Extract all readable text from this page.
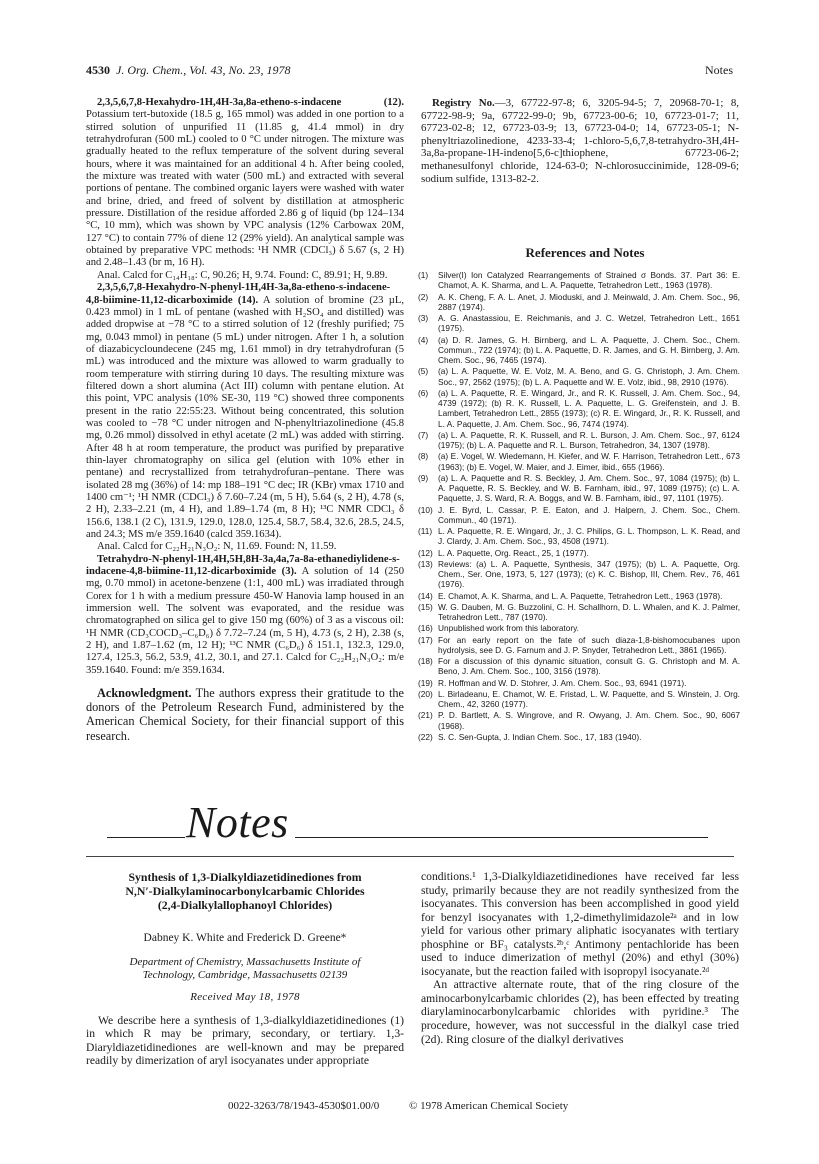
4530 J. Org. Chem., Vol. 43, No. 23, 1978	Notes

2,3,5,6,7,8-Hexahydro-1H,4H-3a,8a-etheno-s-indacene (12). Potassium tert-butoxide (18.5 g, 165 mmol) was added in one portion to a stirred solution of unpurified 11 (11.85 g, 41.4 mmol) in dry tetrahydrofuran (500 mL) cooled to 0 °C under nitrogen. The mixture was gradually heated to the reflux temperature of the solvent during several hours, where it was maintained for an additional 4 h. After being cooled, the mixture was treated with water (500 mL) and extracted with several portions of pentane. The combined organic layers were washed with water and brine, dried, and freed of solvent by distillation at atmospheric pressure. Distillation of the residue afforded 2.86 g of liquid (bp 124–134 °C, 10 mm), which was shown by VPC analysis (12% Carbowax 20M, 127 °C) to contain 77% of diene 12 (29% yield). An analytical sample was obtained by preparative VPC methods: ¹H NMR (CDCl₃) δ 5.67 (s, 2 H) and 2.48–1.43 (br m, 16 H).

Anal. Calcd for C₁₄H₁₈: C, 90.26; H, 9.74. Found: C, 89.91; H, 9.89.

2,3,5,6,7,8-Hexahydro-N-phenyl-1H,4H-3a,8a-etheno-s-indacene-4,8-biimine-11,12-dicarboximide (14). A solution of bromine (23 µL, 0.423 mmol) in 1 mL of pentane (washed with H₂SO₄ and distilled) was added dropwise at −78 °C to a stirred solution of 12 (freshly purified; 75 mg, 0.043 mmol) in pentane (5 mL) under nitrogen. After 1 h, a solution of diazabicycloundecene (245 mg, 1.61 mmol) in dry tetrahydrofuran (5 mL) was introduced and the mixture was allowed to warm gradually to room temperature with stirring during 10 days. The resulting mixture was filtered down a short alumina (Act III) column with pentane elution. At this point, VPC analysis (10% SE-30, 119 °C) showed three components present in the ratio 22:55:23. Without being concentrated, this solution was cooled to −78 °C under nitrogen and N-phenyltriazolinedione (45.8 mg, 0.26 mmol) dissolved in ethyl acetate (2 mL) was added with stirring. After 48 h at room temperature, the product was purified by preparative thin-layer chromatography on silica gel (elution with 10% ether in pentane) and recrystallized from tetrahydrofuran–pentane. There was isolated 28 mg (36%) of 14: mp 188–191 °C dec; IR (KBr) νmax 1710 and 1400 cm⁻¹; ¹H NMR (CDCl₃) δ 7.60–7.24 (m, 5 H), 5.64 (s, 2 H), 4.78 (s, 2 H), 2.33–2.21 (m, 4 H), and 1.89–1.74 (m, 8 H); ¹³C NMR CDCl₃ δ 156.6, 138.1 (2 C), 131.9, 129.0, 128.0, 125.4, 58.7, 58.4, 32.6, 28.5, 24.5, and 24.3; MS m/e 359.1640 (calcd 359.1634).

Anal. Calcd for C₂₂H₂₁N₃O₂: N, 11.69. Found: N, 11.59.

Tetrahydro-N-phenyl-1H,4H,5H,8H-3a,4a,7a-8a-ethanediylidene-s-indacene-4,8-biimine-11,12-dicarboximide (3). A solution of 14 (250 mg, 0.70 mmol) in acetone-benzene (1:1, 400 mL) was irradiated through Corex for 1 h with a medium pressure 450-W Hanovia lamp housed in an immersion well. The solvent was evaporated, and the residue was chromatographed on silica gel to give 150 mg (60%) of 3 as a viscous oil: ¹H NMR (CD₃COCD₃–C₆D₆) δ 7.72–7.24 (m, 5 H), 4.73 (s, 2 H), 2.38 (s, 2 H), and 1.87–1.62 (m, 12 H); ¹³C NMR (C₆D₆) δ 151.1, 132.3, 129.0, 127.4, 125.3, 56.2, 53.9, 41.2, 30.1, and 27.1. Calcd for C₂₂H₂₁N₃O₂: m/e 359.1640. Found: m/e 359.1634.

Acknowledgment. The authors express their gratitude to the donors of the Petroleum Research Fund, administered by the American Chemical Society, for their financial support of this research.

Registry No.—3, 67722-97-8; 6, 3205-94-5; 7, 20968-70-1; 8, 67722-98-9; 9a, 67722-99-0; 9b, 67723-00-6; 10, 67723-01-7; 11, 67723-02-8; 12, 67723-03-9; 13, 67723-04-0; 14, 67723-05-1; N-phenyltriazolinedione, 4233-33-4; 1-chloro-5,6,7,8-tetrahydro-3H,4H-3a,8a-propane-1H-indeno[5,6-c]thiophene, 67723-06-2; methanesulfonyl chloride, 124-63-0; N-chlorosuccinimide, 128-09-6; sodium sulfide, 1313-82-2.

References and Notes
(1) Silver(I) Ion Catalyzed Rearrangements of Strained σ Bonds. 37. Part 36: E. Chamot, A. K. Sharma, and L. A. Paquette, Tetrahedron Lett., 1963 (1978).
(2) A. K. Cheng, F. A. L. Anet, J. Mioduski, and J. Meinwald, J. Am. Chem. Soc., 96, 2887 (1974).
(3) A. G. Anastassiou, E. Reichmanis, and J. C. Wetzel, Tetrahedron Lett., 1651 (1975).
(4) (a) D. R. James, G. H. Birnberg, and L. A. Paquette, J. Chem. Soc., Chem. Commun., 722 (1974); (b) L. A. Paquette, D. R. James, and G. H. Birnberg, J. Am. Chem. Soc., 96, 7465 (1974).
(5) (a) L. A. Paquette, W. E. Volz, M. A. Beno, and G. G. Christoph, J. Am. Chem. Soc., 97, 2562 (1975); (b) L. A. Paquette and W. E. Volz, ibid., 98, 2910 (1976).
(6) (a) L. A. Paquette, R. E. Wingard, Jr., and R. K. Russell, J. Am. Chem. Soc., 94, 4739 (1972); (b) R. K. Russell, L. A. Paquette, L. G. Greifenstein, and J. B. Lambert, Tetrahedron Lett., 2855 (1973); (c) R. E. Wingard, Jr., R. K. Russell, and L. A. Paquette, J. Am. Chem. Soc., 96, 7474 (1974).
(7) (a) L. A. Paquette, R. K. Russell, and R. L. Burson, J. Am. Chem. Soc., 97, 6124 (1975); (b) L. A. Paquette and R. L. Burson, Tetrahedron, 34, 1307 (1978).
(8) (a) E. Vogel, W. Wiedemann, H. Kiefer, and W. F. Harrison, Tetrahedron Lett., 673 (1963); (b) E. Vogel, W. Maier, and J. Eimer, ibid., 655 (1966).
(9) (a) L. A. Paquette and R. S. Beckley, J. Am. Chem. Soc., 97, 1084 (1975); (b) L. A. Paquette, R. S. Beckley, and W. B. Farnham, ibid., 97, 1089 (1975); (c) L. A. Paquette, J. S. Ward, R. A. Boggs, and W. B. Farnham, ibid., 97, 1101 (1975).
(10) J. E. Byrd, L. Cassar, P. E. Eaton, and J. Halpern, J. Chem. Soc., Chem. Commun., 40 (1971).
(11) L. A. Paquette, R. E. Wingard, Jr., J. C. Philips, G. L. Thompson, L. K. Read, and J. Clardy, J. Am. Chem. Soc., 93, 4508 (1971).
(12) L. A. Paquette, Org. React., 25, 1 (1977).
(13) Reviews: (a) L. A. Paquette, Synthesis, 347 (1975); (b) L. A. Paquette, Org. Chem., Ser. One, 1973, 5, 127 (1973); (c) K. C. Bishop, III, Chem. Rev., 76, 461 (1976).
(14) E. Chamot, A. K. Sharma, and L. A. Paquette, Tetrahedron Lett., 1963 (1978).
(15) W. G. Dauben, M. G. Buzzolini, C. H. Schallhorn, D. L. Whalen, and K. J. Palmer, Tetrahedron Lett., 787 (1970).
(16) Unpublished work from this laboratory.
(17) For an early report on the fate of such diaza-1,8-bishomocubanes upon hydrolysis, see D. G. Farnum and J. P. Snyder, Tetrahedron Lett., 3861 (1965).
(18) For a discussion of this dynamic situation, consult G. G. Christoph and M. A. Beno, J. Am. Chem. Soc., 100, 3156 (1978).
(19) R. Hoffman and W. D. Stohrer, J. Am. Chem. Soc., 93, 6941 (1971).
(20) L. Birladeanu, E. Chamot, W. E. Fristad, L. W. Paquette, and S. Winstein, J. Org. Chem., 42, 3260 (1977).
(21) P. D. Bartlett, A. S. Wingrove, and R. Owyang, J. Am. Chem. Soc., 90, 6067 (1968).
(22) S. C. Sen-Gupta, J. Indian Chem. Soc., 17, 183 (1940).
Notes
Synthesis of 1,3-Dialkyldiazetidinediones from
N,N′-Dialkylaminocarbonylcarbamic Chlorides
(2,4-Dialkylallophanoyl Chlorides)
Dabney K. White and Frederick D. Greene*
Department of Chemistry, Massachusetts Institute of
Technology, Cambridge, Massachusetts 02139
Received May 18, 1978

We describe here a synthesis of 1,3-dialkyldiazetidinediones (1) in which R may be primary, secondary, or tertiary. 1,3-Diaryldiazetidinediones are well-known and may be prepared readily by dimerization of aryl isocyanates under appropriate

conditions.¹ 1,3-Dialkyldiazetidinediones have received far less study, primarily because they are not readily synthesized from the isocyanates. This conversion has been accomplished in good yield for benzyl isocyanates with 1,2-dimethylimidazole²ᵃ and in low yield for various other primary aliphatic isocyanates with tertiary phosphine or BF₃ catalysts.²ᵇ,ᶜ Antimony pentachloride has been used to induce dimerization of methyl (20%) and ethyl (30%) isocyanate, but the reaction failed with isopropyl isocyanate.²ᵈ

An attractive alternate route, that of the ring closure of the aminocarbonylcarbamic chlorides (2), has been effected by treating diarylaminocarbonylcarbamic chlorides with pyridine.³ The procedure, however, was not successful in the dialkyl case tried (2d). Ring closure of the dialkyl derivatives

0022-3263/78/1943-4530$01.00/0	© 1978 American Chemical Society
